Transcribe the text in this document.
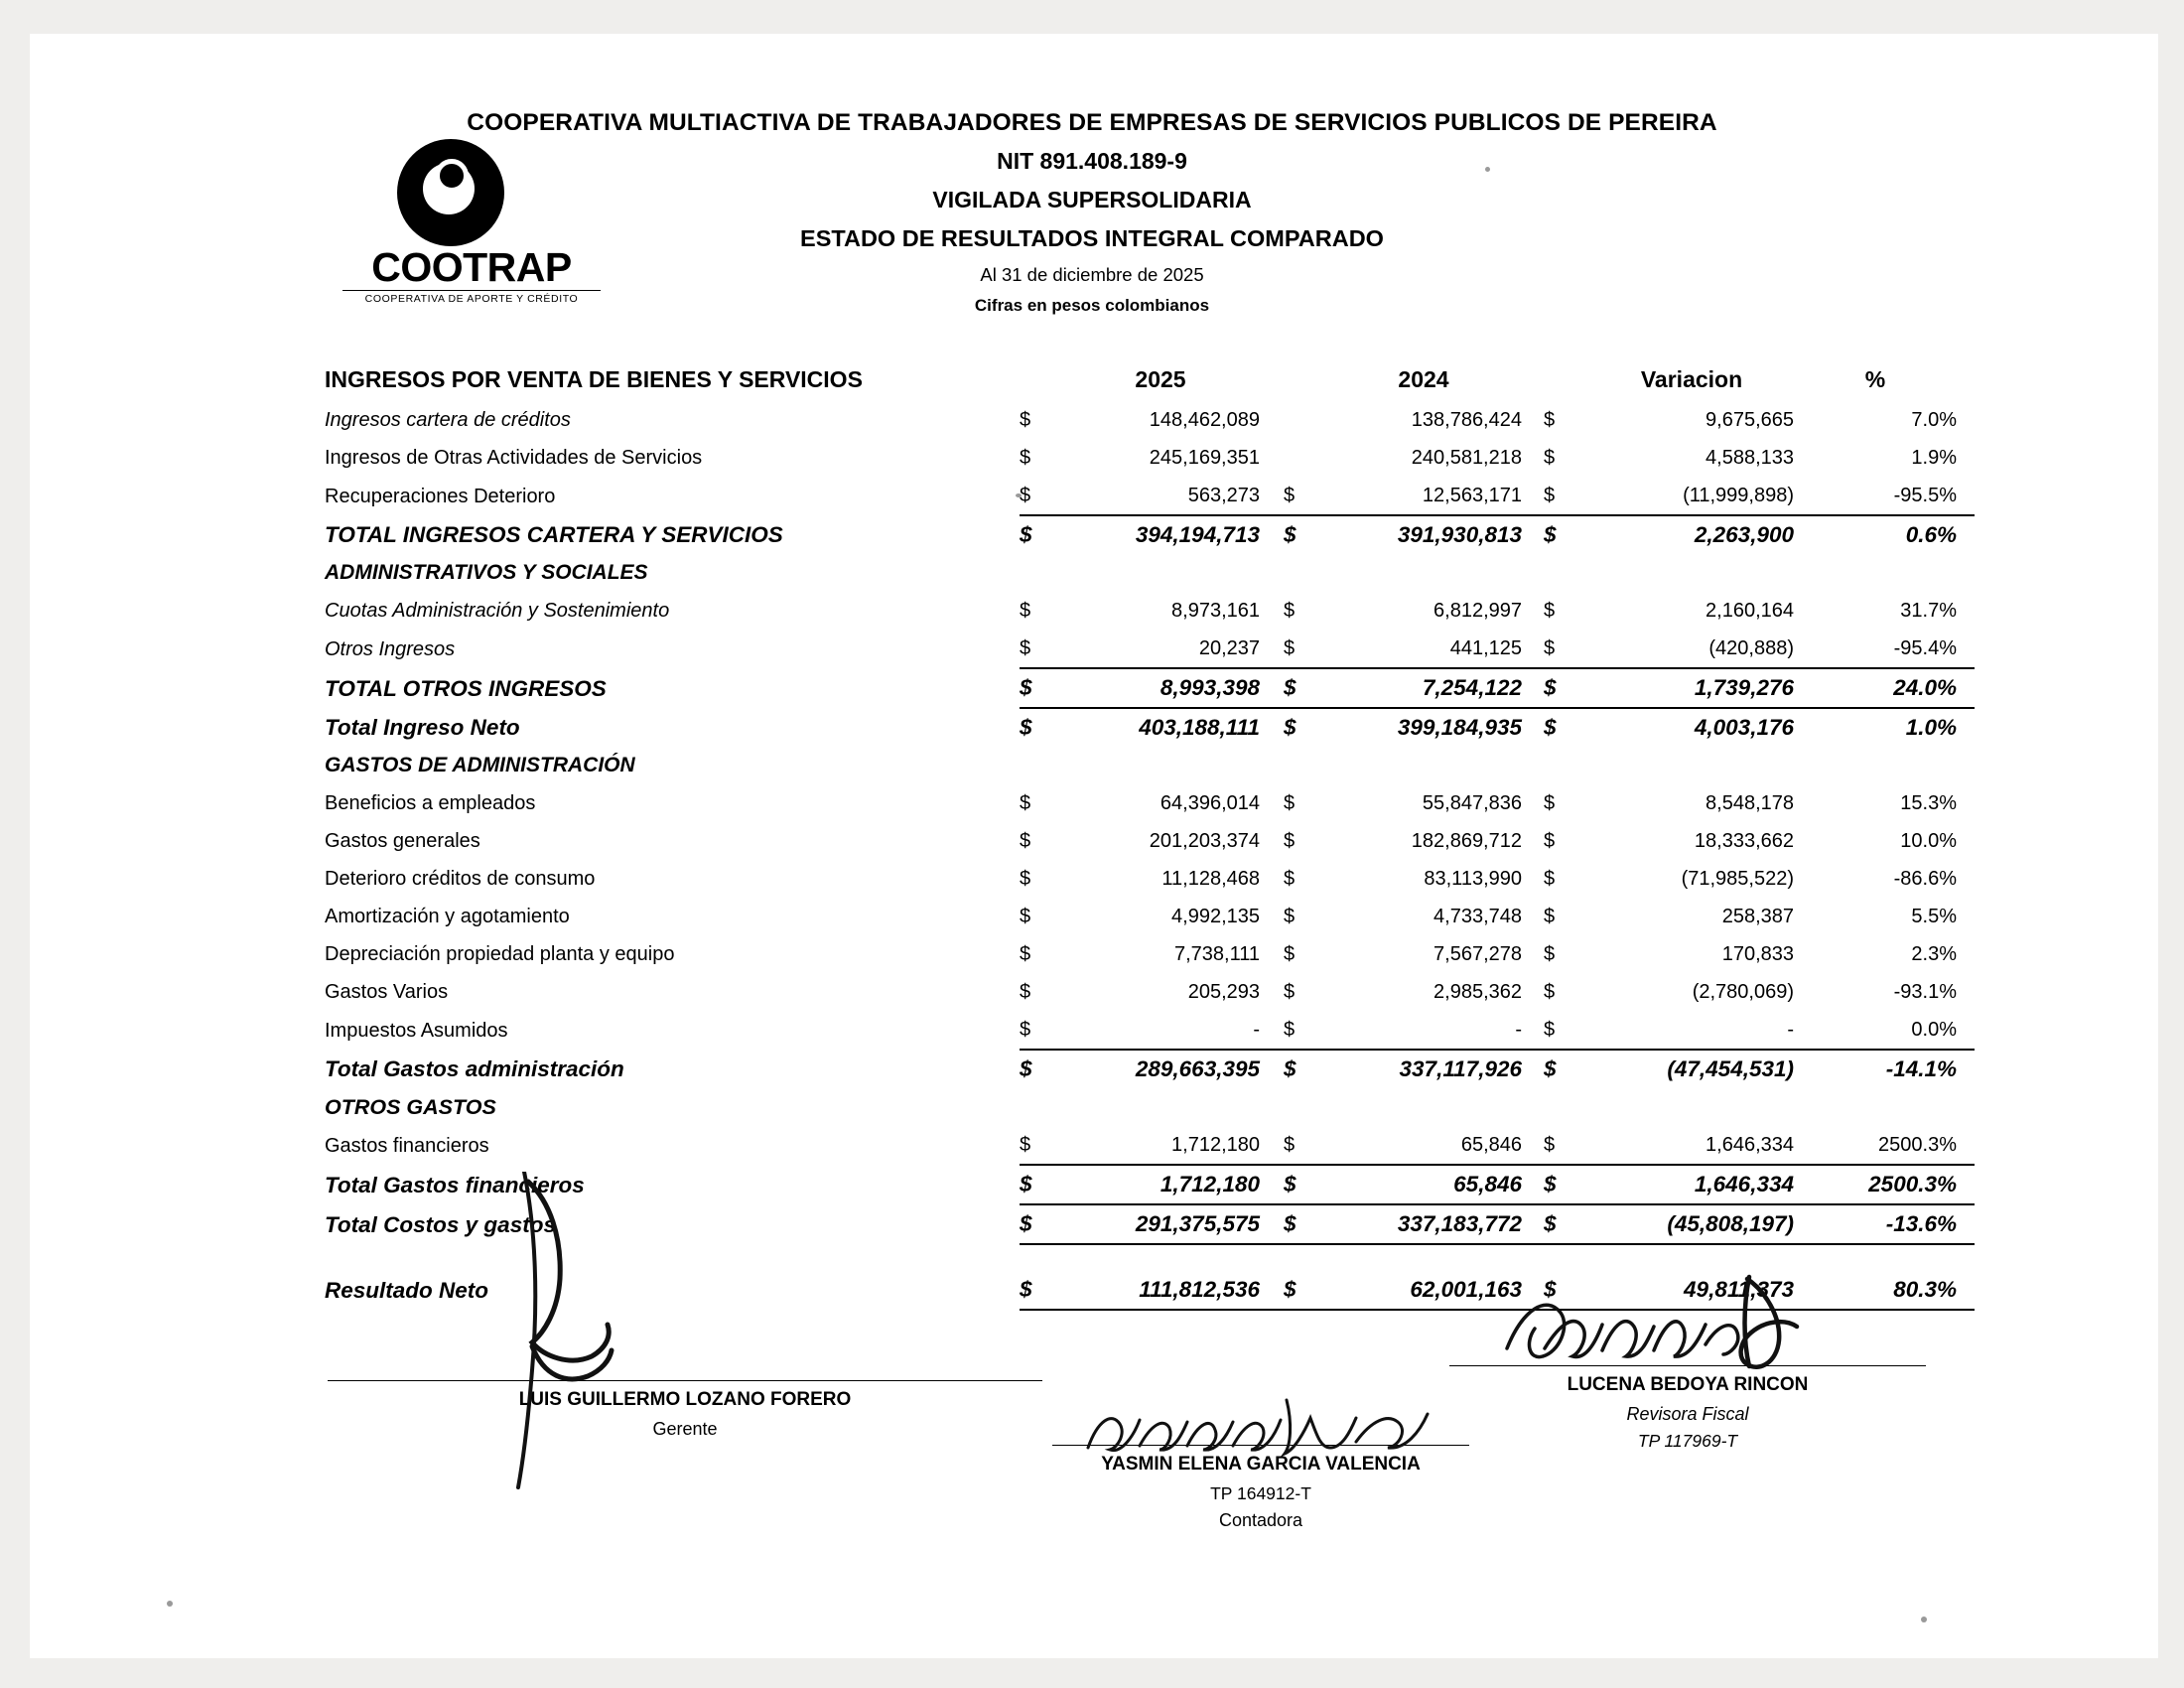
COOTRAP
COOPERATIVA DE APORTE Y CRÉDITO
COOPERATIVA MULTIACTIVA DE TRABAJADORES DE EMPRESAS DE SERVICIOS PUBLICOS DE PEREIRA
NIT 891.408.189-9
VIGILADA SUPERSOLIDARIA
ESTADO DE RESULTADOS INTEGRAL COMPARADO
Al 31 de diciembre de 2025
Cifras en pesos colombianos
INGRESOS POR VENTA DE BIENES Y SERVICIOS		2025		2024		Variacion	%
Ingresos cartera de créditos	$	148,462,089		138,786,424	$	9,675,665	7.0%
Ingresos de Otras Actividades de Servicios	$	245,169,351		240,581,218	$	4,588,133	1.9%
Recuperaciones Deterioro	$	563,273	$	12,563,171	$	(11,999,898)	-95.5%
TOTAL INGRESOS CARTERA Y SERVICIOS	$	394,194,713	$	391,930,813	$	2,263,900	0.6%
ADMINISTRATIVOS Y SOCIALES							
Cuotas Administración y Sostenimiento	$	8,973,161	$	6,812,997	$	2,160,164	31.7%
Otros Ingresos	$	20,237	$	441,125	$	(420,888)	-95.4%
TOTAL OTROS INGRESOS	$	8,993,398	$	7,254,122	$	1,739,276	24.0%
Total Ingreso Neto	$	403,188,111	$	399,184,935	$	4,003,176	1.0%
GASTOS DE ADMINISTRACIÓN							
Beneficios a empleados	$	64,396,014	$	55,847,836	$	8,548,178	15.3%
Gastos generales	$	201,203,374	$	182,869,712	$	18,333,662	10.0%
Deterioro créditos de consumo	$	11,128,468	$	83,113,990	$	(71,985,522)	-86.6%
Amortización y agotamiento	$	4,992,135	$	4,733,748	$	258,387	5.5%
Depreciación propiedad planta y equipo	$	7,738,111	$	7,567,278	$	170,833	2.3%
Gastos Varios	$	205,293	$	2,985,362	$	(2,780,069)	-93.1%
Impuestos Asumidos	$	-	$	-	$	-	0.0%
Total Gastos administración	$	289,663,395	$	337,117,926	$	(47,454,531)	-14.1%
OTROS GASTOS							
Gastos financieros	$	1,712,180	$	65,846	$	1,646,334	2500.3%
Total Gastos financieros	$	1,712,180	$	65,846	$	1,646,334	2500.3%
Total Costos y gastos	$	291,375,575	$	337,183,772	$	(45,808,197)	-13.6%

Resultado Neto	$	111,812,536	$	62,001,163	$	49,811,373	80.3%
LUIS GUILLERMO LOZANO FORERO
Gerente
LUCENA BEDOYA RINCON
Revisora Fiscal
TP 117969-T
YASMIN ELENA GARCIA VALENCIA
TP 164912-T
Contadora
